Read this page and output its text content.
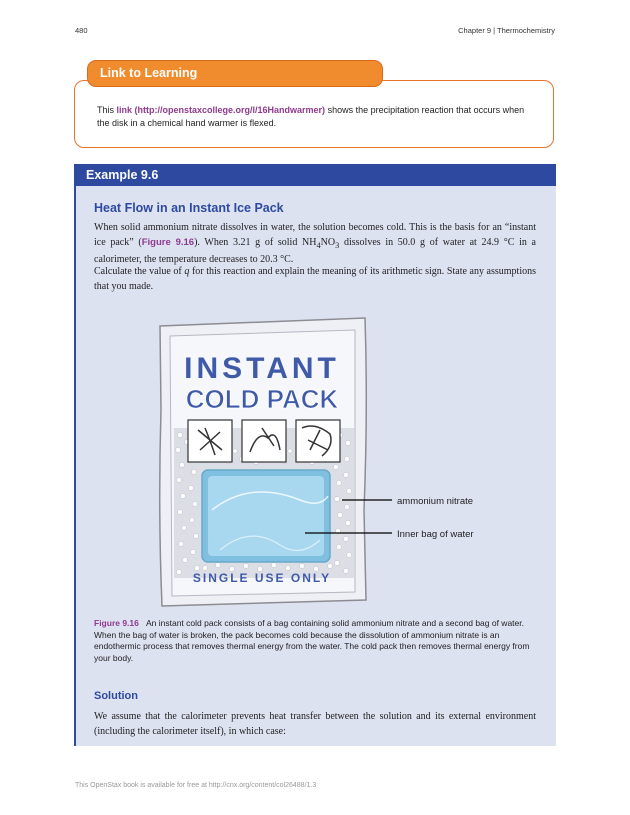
480	Chapter 9 | Thermochemistry
Link to Learning
This link (http://openstaxcollege.org/l/16Handwarmer) shows the precipitation reaction that occurs when the disk in a chemical hand warmer is flexed.
Example 9.6
Heat Flow in an Instant Ice Pack
When solid ammonium nitrate dissolves in water, the solution becomes cold. This is the basis for an “instant ice pack” (Figure 9.16). When 3.21 g of solid $NH_4NO_3$ dissolves in 50.0 g of water at 24.9 °C in a calorimeter, the temperature decreases to 20.3 °C.
Calculate the value of q for this reaction and explain the meaning of its arithmetic sign. State any assumptions that you made.
INSTANT
COLD PACK
SINGLE USE ONLY
ammonium nitrate
Inner bag of water
Figure 9.16 An instant cold pack consists of a bag containing solid ammonium nitrate and a second bag of water. When the bag of water is broken, the pack becomes cold because the dissolution of ammonium nitrate is an endothermic process that removes thermal energy from the water. The cold pack then removes thermal energy from your body.
Solution
We assume that the calorimeter prevents heat transfer between the solution and its external environment (including the calorimeter itself), in which case:
This OpenStax book is available for free at http://cnx.org/content/col26488/1.3
